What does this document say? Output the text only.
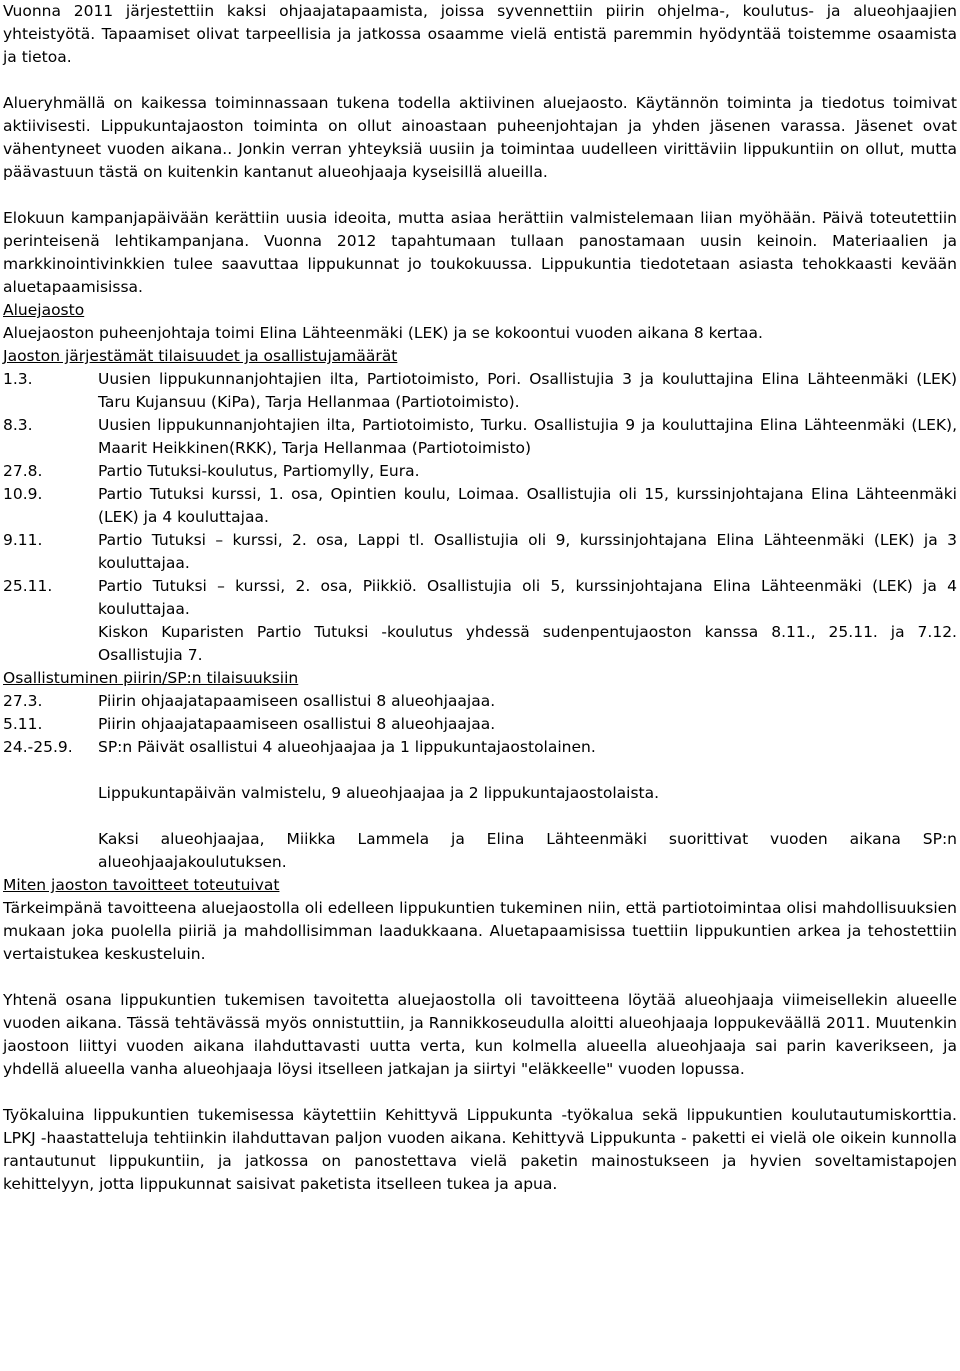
Vuonna 2011 järjestettiin kaksi ohjaajatapaamista, joissa syvennettiin piirin ohjelma-, koulutus- ja alueohjaajien yhteistyötä. Tapaamiset olivat tarpeellisia ja jatkossa osaamme vielä entistä paremmin hyödyntää toistemme osaamista ja tietoa.

Alueryhmällä on kaikessa toiminnassaan tukena todella aktiivinen aluejaosto. Käytännön toiminta ja tiedotus toimivat aktiivisesti. Lippukuntajaoston toiminta on ollut ainoastaan puheenjohtajan ja yhden jäsenen varassa. Jäsenet ovat vähentyneet vuoden aikana.. Jonkin verran yhteyksiä uusiin ja toimintaa uudelleen virittäviin lippukuntiin on ollut, mutta päävastuun tästä on kuitenkin kantanut alueohjaaja kyseisillä alueilla.

Elokuun kampanjapäivään kerättiin uusia ideoita, mutta asiaa herättiin valmistelemaan liian myöhään. Päivä toteutettiin perinteisenä lehtikampanjana. Vuonna 2012 tapahtumaan tullaan panostamaan uusin keinoin. Materiaalien ja markkinointivinkkien tulee saavuttaa lippukunnat jo toukokuussa. Lippukuntia tiedotetaan asiasta tehokkaasti kevään aluetapaamisissa.

Aluejaosto

Aluejaoston puheenjohtaja toimi Elina Lähteenmäki (LEK) ja se kokoontui vuoden aikana 8 kertaa.

Jaoston järjestämät tilaisuudet ja osallistujamäärät

1.3.	Uusien lippukunnanjohtajien ilta, Partiotoimisto, Pori. Osallistujia 3 ja kouluttajina Elina Lähteenmäki (LEK) Taru Kujansuu (KiPa), Tarja Hellanmaa (Partiotoimisto).
8.3.	Uusien lippukunnanjohtajien ilta, Partiotoimisto, Turku. Osallistujia 9 ja kouluttajina Elina Lähteenmäki (LEK), Maarit Heikkinen(RKK), Tarja Hellanmaa (Partiotoimisto)
27.8.	Partio Tutuksi-koulutus, Partiomylly, Eura.
10.9.	Partio Tutuksi kurssi, 1. osa, Opintien koulu, Loimaa. Osallistujia oli 15, kurssinjohtajana Elina Lähteenmäki (LEK) ja 4 kouluttajaa.
9.11.	Partio Tutuksi – kurssi, 2. osa, Lappi tl. Osallistujia oli 9, kurssinjohtajana Elina Lähteenmäki (LEK) ja 3 kouluttajaa.
25.11.	Partio Tutuksi – kurssi, 2. osa, Piikkiö. Osallistujia oli 5, kurssinjohtajana Elina Lähteenmäki (LEK) ja 4 kouluttajaa.

Kiskon Kuparisten Partio Tutuksi -koulutus yhdessä sudenpentujaoston kanssa 8.11., 25.11. ja 7.12. Osallistujia 7.

Osallistuminen piirin/SP:n tilaisuuksiin

27.3.	Piirin ohjaajatapaamiseen osallistui 8 alueohjaajaa.
5.11.	Piirin ohjaajatapaamiseen osallistui 8 alueohjaajaa.
24.-25.9.	SP:n Päivät osallistui 4 alueohjaajaa ja 1 lippukuntajaostolainen.

Lippukuntapäivän valmistelu, 9 alueohjaajaa ja 2 lippukuntajaostolaista.

Kaksi alueohjaajaa, Miikka Lammela ja Elina Lähteenmäki suorittivat vuoden aikana SP:n alueohjaajakoulutuksen.

Miten jaoston tavoitteet toteutuivat

Tärkeimpänä tavoitteena aluejaostolla oli edelleen lippukuntien tukeminen niin, että partiotoimintaa olisi mahdollisuuksien mukaan joka puolella piiriä ja mahdollisimman laadukkaana. Aluetapaamisissa tuettiin lippukuntien arkea ja tehostettiin vertaistukea keskusteluin.

Yhtenä osana lippukuntien tukemisen tavoitetta aluejaostolla oli tavoitteena löytää alueohjaaja viimeisellekin alueelle vuoden aikana. Tässä tehtävässä myös onnistuttiin, ja Rannikkoseudulla aloitti alueohjaaja loppukeväällä 2011. Muutenkin jaostoon liittyi vuoden aikana ilahduttavasti uutta verta, kun kolmella alueella alueohjaaja sai parin kaverikseen, ja yhdellä alueella vanha alueohjaaja löysi itselleen jatkajan ja siirtyi "eläkkeelle" vuoden lopussa.

Työkaluina lippukuntien tukemisessa käytettiin Kehittyvä Lippukunta -työkalua sekä lippukuntien koulutautumiskorttia. LPKJ -haastatteluja tehtiinkin ilahduttavan paljon vuoden aikana. Kehittyvä Lippukunta - paketti ei vielä ole oikein kunnolla rantautunut lippukuntiin, ja jatkossa on panostettava vielä paketin mainostukseen ja hyvien soveltamistapojen kehittelyyn, jotta lippukunnat saisivat paketista itselleen tukea ja apua.
